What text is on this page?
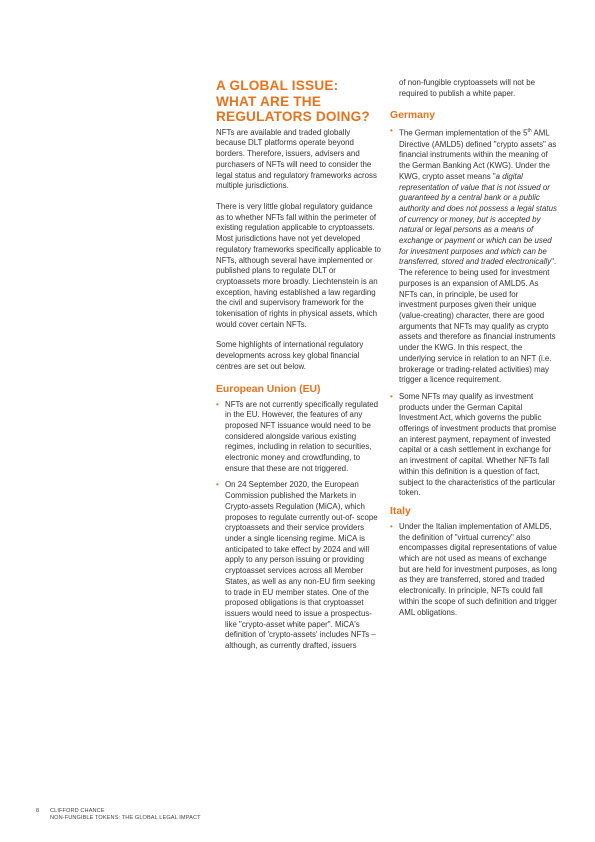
A GLOBAL ISSUE:
WHAT ARE THE
REGULATORS DOING?

NFTs are available and traded globally because DLT platforms operate beyond borders. Therefore, issuers, advisers and purchasers of NFTs will need to consider the legal status and regulatory frameworks across multiple jurisdictions.

There is very little global regulatory guidance as to whether NFTs fall within the perimeter of existing regulation applicable to cryptoassets.

Most jurisdictions have not yet developed regulatory frameworks specifically applicable to NFTs, although several have implemented or published plans to regulate DLT or cryptoassets more broadly. Liechtenstein is an exception, having established a law regarding the civil and supervisory framework for the tokenisation of rights in physical assets, which would cover certain NFTs.

Some highlights of international regulatory developments across key global financial centres are set out below.

European Union (EU)
• NFTs are not currently specifically regulated in the EU. However, the features of any proposed NFT issuance would need to be considered alongside various existing regimes, including in relation to securities, electronic money and crowdfunding, to ensure that these are not triggered.
• On 24 September 2020, the European Commission published the Markets in Crypto-assets Regulation (MiCA), which proposes to regulate currently out-of- scope cryptoassets and their service providers under a single licensing regime. MiCA is anticipated to take effect by 2024 and will apply to any person issuing or providing cryptoasset services across all Member States, as well as any non-EU firm seeking to trade in EU member states. One of the proposed obligations is that cryptoasset issuers would need to issue a prospectus-like "crypto-asset white paper". MiCA's definition of 'crypto-assets' includes NFTs – although, as currently drafted, issuers

of non-fungible cryptoassets will not be required to publish a white paper.

Germany
• The German implementation of the 5th AML Directive (AMLD5) defined "crypto assets" as financial instruments within the meaning of the German Banking Act (KWG). Under the KWG, crypto asset means "a digital representation of value that is not issued or guaranteed by a central bank or a public authority and does not possess a legal status of currency or money, but is accepted by natural or legal persons as a means of exchange or payment or which can be used for investment purposes and which can be transferred, stored and traded electronically". The reference to being used for investment purposes is an expansion of AMLD5. As NFTs can, in principle, be used for investment purposes given their unique (value-creating) character, there are good arguments that NFTs may qualify as crypto assets and therefore as financial instruments under the KWG. In this respect, the underlying service in relation to an NFT (i.e. brokerage or trading-related activities) may trigger a licence requirement.
• Some NFTs may qualify as investment products under the German Capital Investment Act, which governs the public offerings of investment products that promise an interest payment, repayment of invested capital or a cash settlement in exchange for an investment of capital. Whether NFTs fall within this definition is a question of fact, subject to the characteristics of the particular token.
Italy
• Under the Italian implementation of AMLD5, the definition of "virtual currency" also encompasses digital representations of value which are not used as means of exchange but are held for investment purposes, as long as they are transferred, stored and traded electronically. In principle, NFTs could fall within the scope of such definition and trigger AML obligations.
8 CLIFFORD CHANCE
NON-FUNGIBLE TOKENS: THE GLOBAL LEGAL IMPACT
